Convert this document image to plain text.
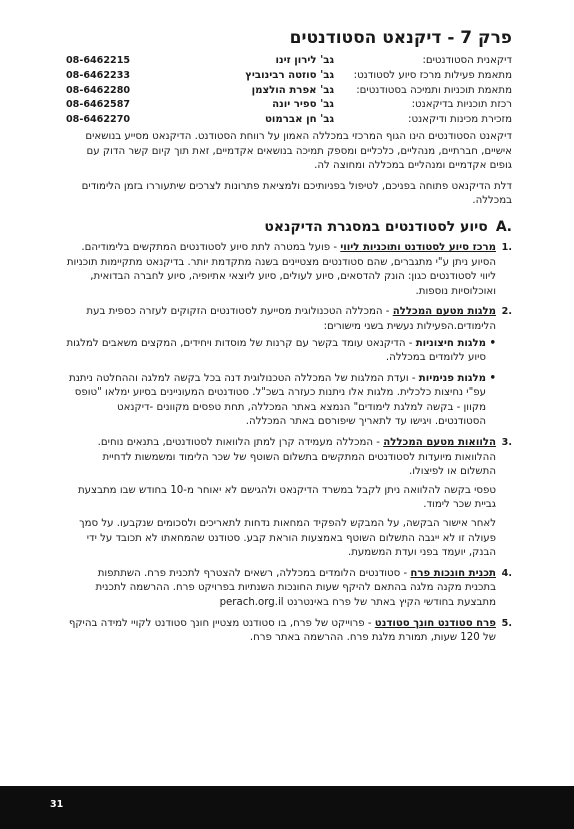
פרק 7 - דיקנאט הסטודנטים
דיקאנית הסטודנטים:	גב' לירון זינו	08-6462215
מתאמת פעילות מרכז סיוע לסטודנט:	גב' סוזטה רבינוביץ	08-6462233
מתאמת תוכניות ותמיכה בסטודנטים:	גב' אפרת הולצמן	08-6462280
רכזת תוכניות בדיקאנט:	גב' ספיר יונה	08-6462587
מזכירת מכינות ודיקאנט:	גב' חן אברמוט	08-6462270

דיקאנט הסטודנטים הינו הגוף המרכזי במכללה האמון על רווחת הסטודנט. הדיקנאט מסייע בנושאים אישיים, חברתיים, מנהליים, כלכליים ומספק תמיכה בנושאים אקדמיים, זאת תוך קיום קשר הדוק עם גופים אקדמיים ומנהליים במכללה ומחוצה לה.

דלת הדיקנאט פתוחה בפניכם, לטיפול בפניותיכם ולמציאת פתרונות לצרכים שיתעוררו בזמן הלימודים במכללה.

.Aסיוע לסטודנטים במסגרת הדיקנאט
.1
מרכז סיוע לסטודנט ותוכניות ליווי - פועל במטרה לתת סיוע לסטודנטים המתקשים בלימודיהם. הסיוע ניתן ע"י מתגברים, שהם סטודנטים מצטיינים בשנה מתקדמת יותר. בדיקנאט מתקיימות תוכניות ליווי לסטודנטים כגון: הונק להדסאים, סיוע לעולים, סיוע ליוצאי אתיופיה, סיוע לחברה הבדואית, ואוכלוסיות נוספות.
.2
מלגות מטעם המכללה - המכללה הטכנולוגית מסייעת לסטודנטים הזקוקים לעזרה כספית בעת הלימודים.הפעילות נעשית בשני מישורים:
•
מלגות חיצוניות - הדיקנאט עומד בקשר עם קרנות של מוסדות ויחידים, המקצים משאבים למלגות סיוע ללומדים במכללה.
•
מלגות פנימיות - ועדת המלגות של המכללה הטכנולוגית דנה בכל בקשה למלגה וההחלטה ניתנת עפ"י נחיצות כלכלית. מלגות אלו ניתנות כעזרה בשכ"ל. סטודנטים המעוניינים בסיוע ימלאו "טופס מקוון - בקשה למלגת לימודים" הנמצא באתר המכללה, תחת טפסים מקוונים -דיקנאט הסטודנטים. ויגישו עד לתאריך שיפורסם באתר המכללה.
.3
הלוואות מטעם המכללה - המכללה מעמידה קרן למתן הלוואות לסטודנטים, בתנאים נוחים. ההלוואות מיועדות לסטודנטים המתקשים בתשלום השוטף של שכר הלימוד ומשמשות לדחיית התשלום או לפיצולו.
טפסי בקשה להלוואה ניתן לקבל במשרד הדיקנאט ולהגישם לא יאוחר מ-10 בחודש שבו מתבצעת גביית שכר לימוד.
לאחר אישור הבקשה, על המבקש להפקיד המחאות נדחות לתאריכים ולסכומים שנקבעו. על סמך פעולה זו לא ייגבה התשלום השוטף באמצעות הוראת קבע. סטודנט שהמחאתו לא תכובד על ידי הבנק, יועמד בפני ועדת המשמעת.
.4
תכנית חונכות פרח - סטודנטים הלומדים במכללה, רשאים להצטרף לתכנית פרח. השתתפות בתכנית מקנה מלגה בהתאם להיקף שעות החונכות השנתיות בפרויקט פרח. ההרשמה לתכנית מתבצעת בחודשי הקיץ באתר של פרח באינטרנט perach.org.il
.5
פרח סטודנט חונך סטודנט - פרוייקט של פרח, בו סטודנט מצטיין חונך סטודנט לקויי למידה בהיקף של 120 שעות, תמורת מלגת פרח. ההרשמה באתר פרח.
31
